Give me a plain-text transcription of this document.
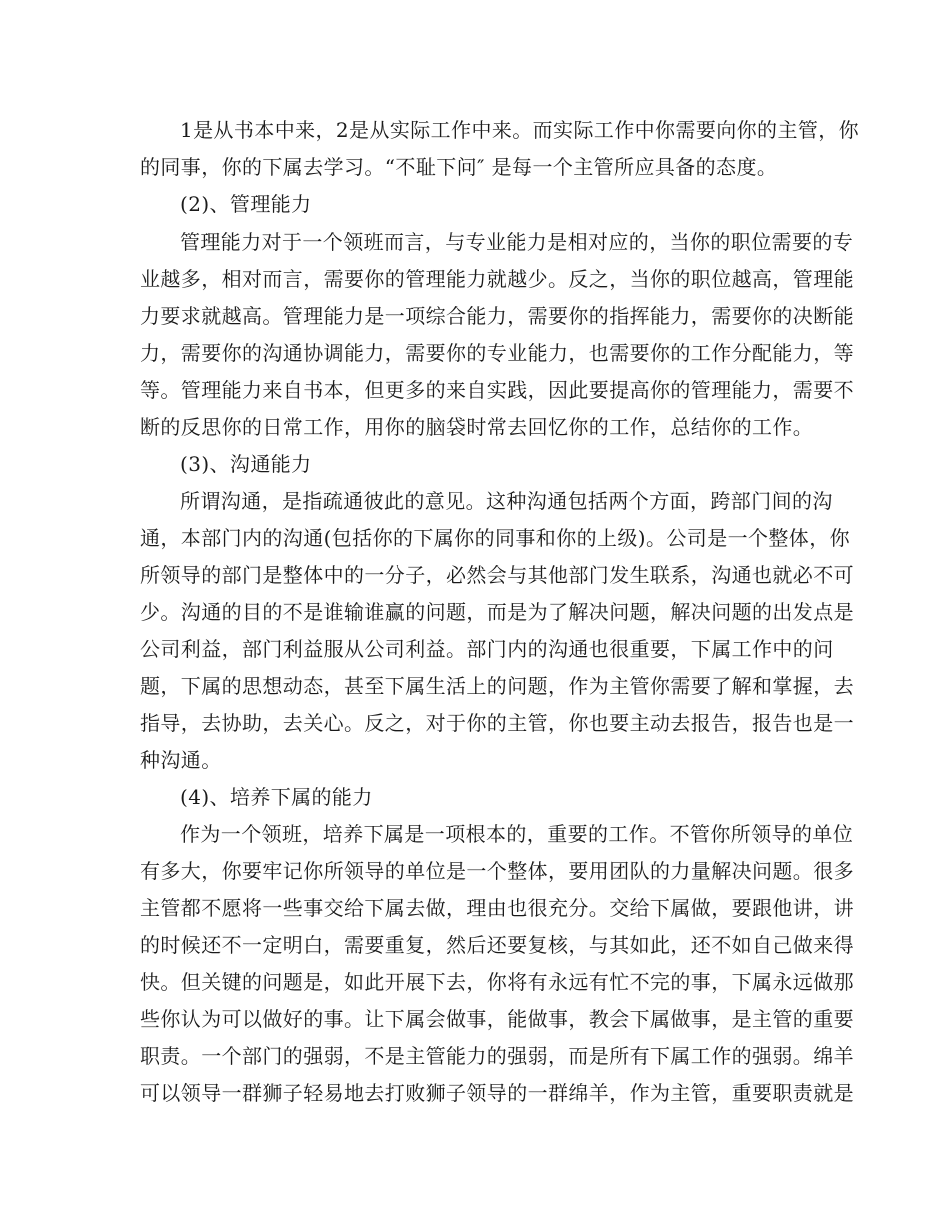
1是从书本中来，2是从实际工作中来。而实际工作中你需要向你的主管，你
的同事，你的下属去学习。“不耻下问″ 是每一个主管所应具备的态度。
(2)、管理能力
管理能力对于一个领班而言，与专业能力是相对应的，当你的职位需要的专
业越多，相对而言，需要你的管理能力就越少。反之，当你的职位越高，管理能
力要求就越高。管理能力是一项综合能力，需要你的指挥能力，需要你的决断能
力，需要你的沟通协调能力，需要你的专业能力，也需要你的工作分配能力，等
等。管理能力来自书本，但更多的来自实践，因此要提高你的管理能力，需要不
断的反思你的日常工作，用你的脑袋时常去回忆你的工作，总结你的工作。
(3)、沟通能力
所谓沟通，是指疏通彼此的意见。这种沟通包括两个方面，跨部门间的沟
通，本部门内的沟通(包括你的下属你的同事和你的上级)。公司是一个整体，你
所领导的部门是整体中的一分子，必然会与其他部门发生联系，沟通也就必不可
少。沟通的目的不是谁输谁赢的问题，而是为了解决问题，解决问题的出发点是
公司利益，部门利益服从公司利益。部门内的沟通也很重要，下属工作中的问
题，下属的思想动态，甚至下属生活上的问题，作为主管你需要了解和掌握，去
指导，去协助，去关心。反之，对于你的主管，你也要主动去报告，报告也是一
种沟通。
(4)、培养下属的能力
作为一个领班，培养下属是一项根本的，重要的工作。不管你所领导的单位
有多大，你要牢记你所领导的单位是一个整体，要用团队的力量解决问题。很多
主管都不愿将一些事交给下属去做，理由也很充分。交给下属做，要跟他讲，讲
的时候还不一定明白，需要重复，然后还要复核，与其如此，还不如自己做来得
快。但关键的问题是，如此开展下去，你将有永远有忙不完的事，下属永远做那
些你认为可以做好的事。让下属会做事，能做事，教会下属做事，是主管的重要
职责。一个部门的强弱，不是主管能力的强弱，而是所有下属工作的强弱。绵羊
可以领导一群狮子轻易地去打败狮子领导的一群绵羊，作为主管，重要职责就是
